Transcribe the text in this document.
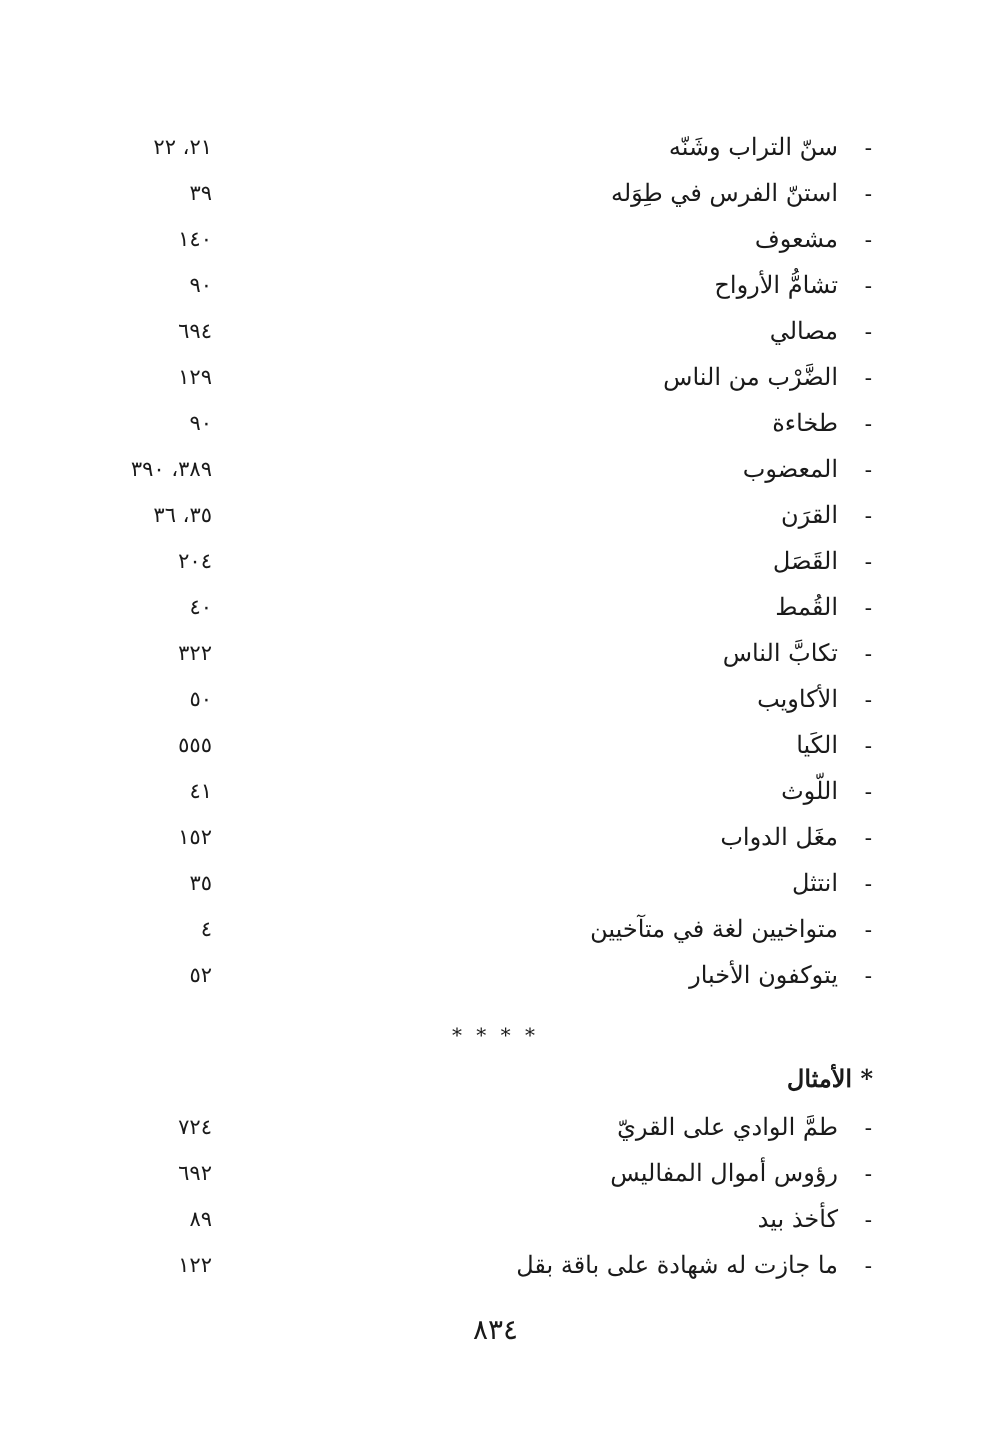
-
سنّ التراب وشَنّه
٢١، ٢٢
-
استنّ الفرس في طِوَله
٣٩
-
مشعوف
١٤٠
-
تشامُّ الأرواح
٩٠
-
مصالي
٦٩٤
-
الضَّرْب من الناس
١٢٩
-
طخاءة
٩٠
-
المعضوب
٣٨٩، ٣٩٠
-
القرَن
٣٥، ٣٦
-
القَصَل
٢٠٤
-
القُمط
٤٠
-
تكابَّ الناس
٣٢٢
-
الأكاويب
٥٠
-
الكَيا
٥٥٥
-
اللّوث
٤١
-
مغَل الدواب
١٥٢
-
انتثل
٣٥
-
متواخيين لغة في متآخيين
٤
-
يتوكفون الأخبار
٥٢
* * * *
* الأمثال
-
طمَّ الوادي على القريّ
٧٢٤
-
رؤوس أموال المفاليس
٦٩٢
-
كأخذ بيد
٨٩
-
ما جازت له شهادة على باقة بقل
١٢٢
٨٣٤
